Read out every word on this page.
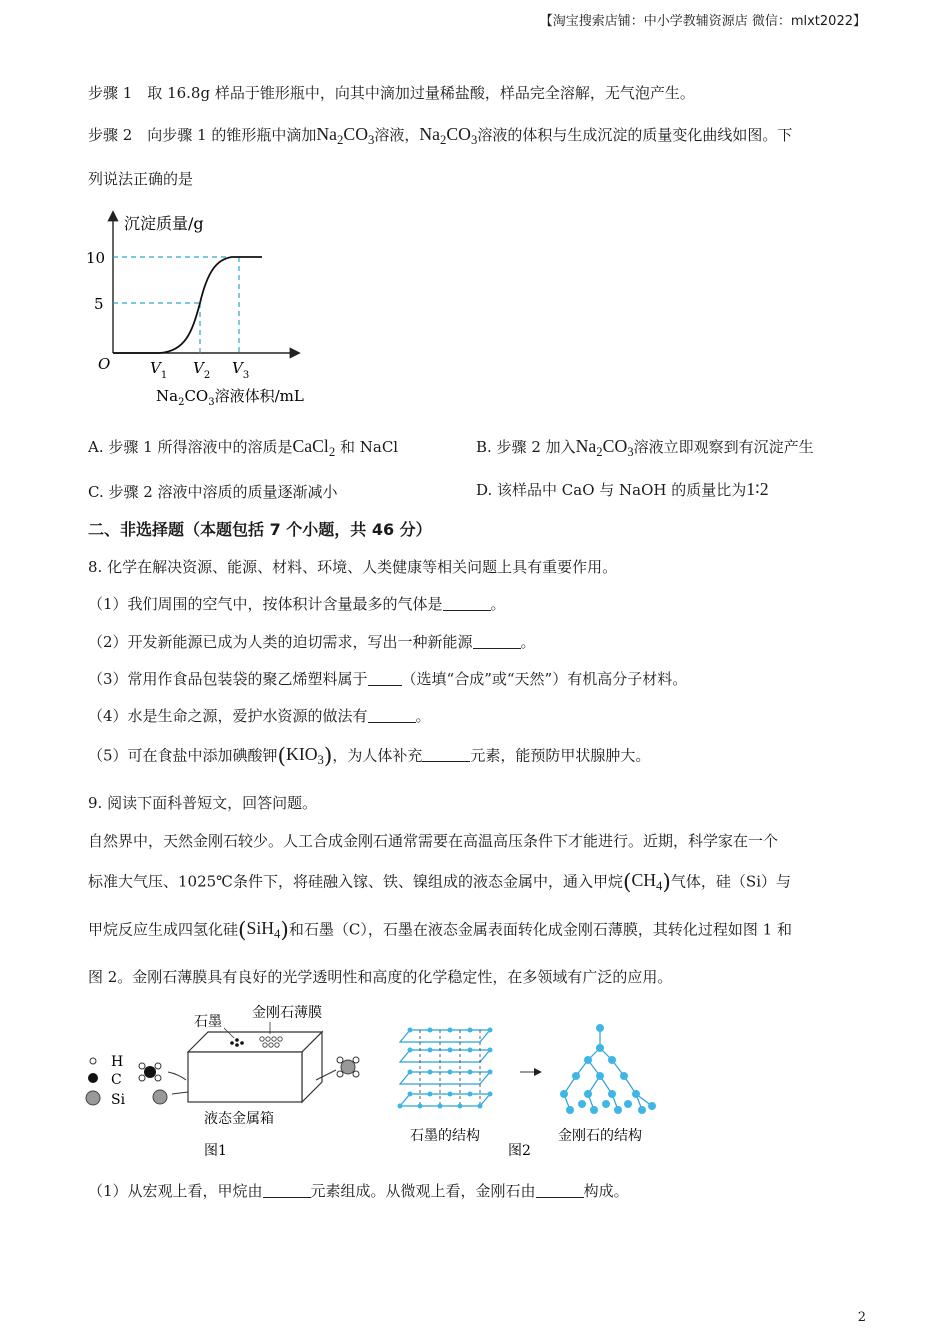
【淘宝搜索店铺：中小学教辅资源店 微信：mlxt2022】
步骤 1　取 16.8g 样品于锥形瓶中，向其中滴加过量稀盐酸，样品完全溶解，无气泡产生。
步骤 2　向步骤 1 的锥形瓶中滴加$Na_2CO_3$溶液，$Na_2CO_3$溶液的体积与生成沉淀的质量变化曲线如图。下
列说法正确的是
沉淀质量/g
O
10
5
$V_1$ $V_2$ $V_3$
$Na_2CO_3$溶液体积/mL
A. 步骤 1 所得溶液中的溶质是CaCl$_2$ 和 NaCl	B. 步骤 2 加入$Na_2CO_3$溶液立即观察到有沉淀产生
C. 步骤 2 溶液中溶质的质量逐渐减小	D. 该样品中 CaO 与 NaOH 的质量比为1∶2
二、非选择题（本题包括 7 个小题，共 46 分）
8. 化学在解决资源、能源、材料、环境、人类健康等相关问题上具有重要作用。
（1）我们周围的空气中，按体积计含量最多的气体是	。
（2）开发新能源已成为人类的迫切需求，写出一种新能源	。
（3）常用作食品包装袋的聚乙烯塑料属于 （选填“合成”或“天然”）有机高分子材料。
（4）水是生命之源，爱护水资源的做法有	。
（5）可在食盐中添加碘酸钾$(KIO_3)$，为人体补充	元素，能预防甲状腺肿大。
9. 阅读下面科普短文，回答问题。
自然界中，天然金刚石较少。人工合成金刚石通常需要在高温高压条件下才能进行。近期，科学家在一个
标准大气压、1025℃条件下，将硅融入镓、铁、镍组成的液态金属中，通入甲烷$(CH_4)$气体，硅（Si）与
甲烷反应生成四氢化硅(SiH$_4$)和石墨（C），石墨在液态金属表面转化成金刚石薄膜，其转化过程如图 1 和
图 2。金刚石薄膜具有良好的光学透明性和高度的化学稳定性，在多领域有广泛的应用。
H
C
Si
石墨
金刚石薄膜
液态金属箱
图1
石墨的结构
图2
金刚石的结构
（1）从宏观上看，甲烷由	元素组成。从微观上看，金刚石由	构成。
2
